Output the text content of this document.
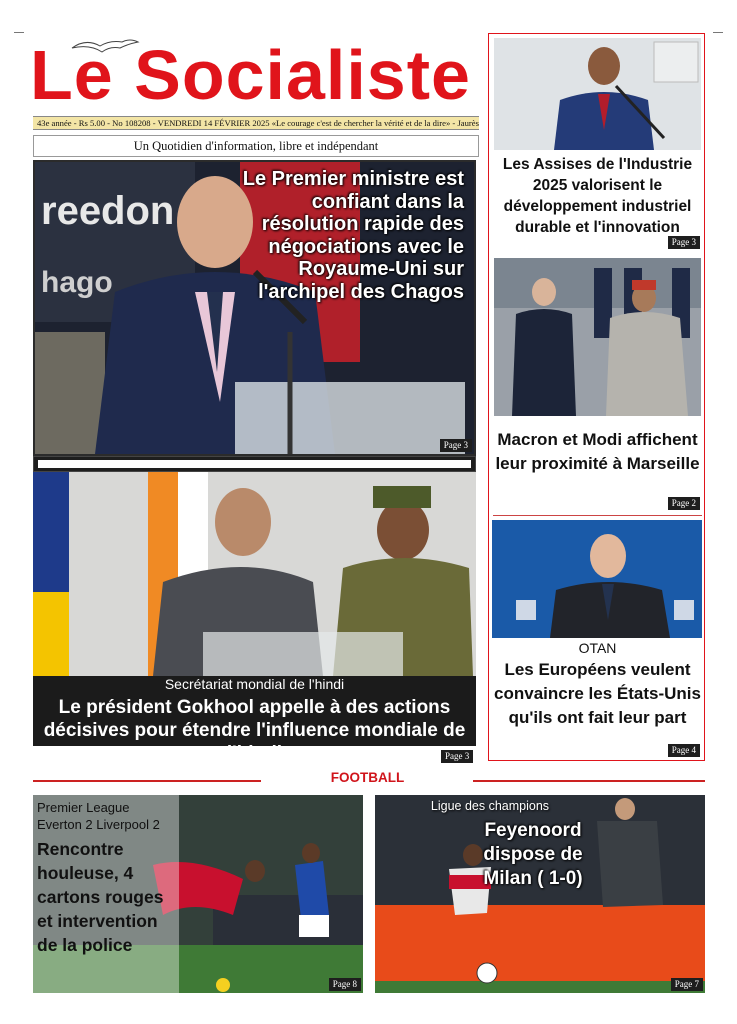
Le Socialiste
43e année - Rs 5.00 - No 108208 - VENDREDI 14 FÉVRIER 2025 «Le courage c'est de chercher la vérité et de la dire» - Jaurès
Un Quotidien d'information, libre et indépendant
reedon
hago
Le Premier ministre est confiant dans la résolution rapide des négociations avec le Royaume-Uni sur l'archipel des Chagos
Page 3
Secrétariat mondial de l'hindi
Le président Gokhool appelle à des actions décisives pour étendre l'influence mondiale de l'hindi	Page 3
Les Assises de l'Industrie 2025 valorisent le développement industriel durable et l'innovation
Page 3
Macron et Modi affichent leur proximité à Marseille
Page 2
OTAN
Les Européens veulent convaincre les États-Unis qu'ils ont fait leur part
Page 4
FOOTBALL
Premier League
Everton 2 Liverpool 2
Rencontre houleuse, 4 cartons rouges et intervention de la police
Page 8
Ligue des champions
Feyenoord dispose de Milan ( 1-0)
Page 7
